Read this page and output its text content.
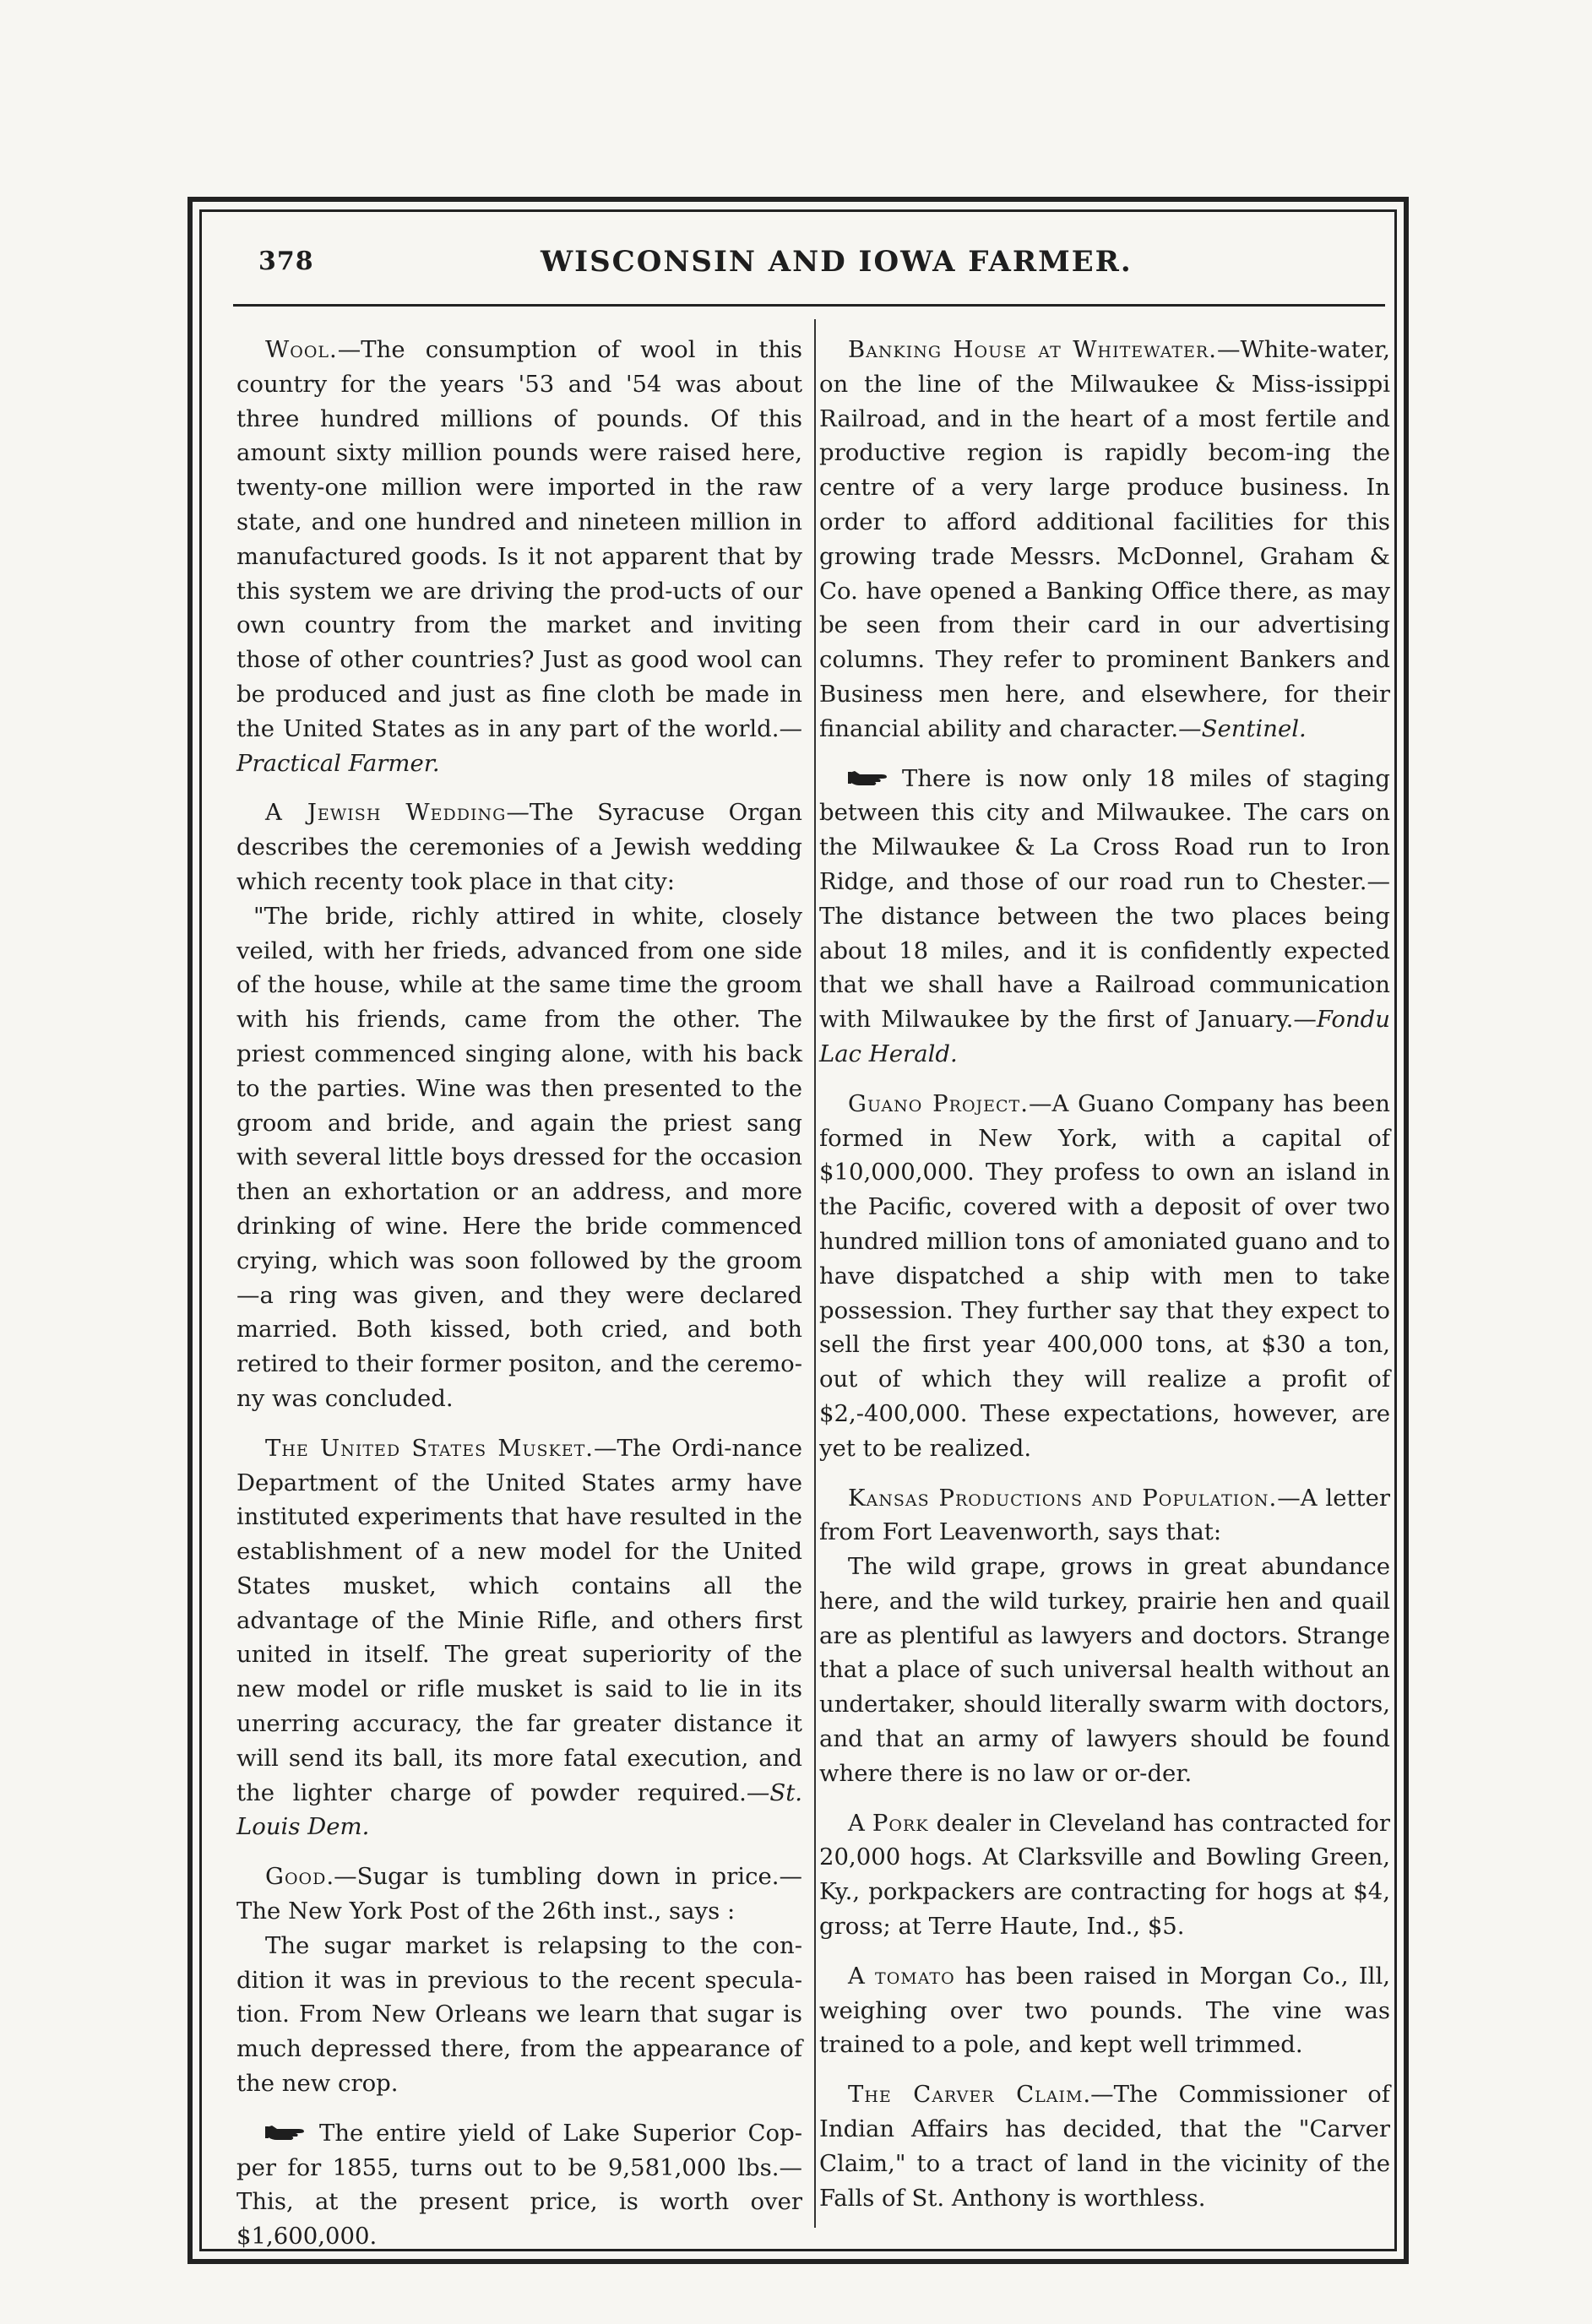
378	WISCONSIN AND IOWA FARMER.

Wool.—The consumption of wool in this country for the years '53 and '54 was about three hundred millions of pounds. Of this amount sixty million pounds were raised here, twenty-one million were imported in the raw state, and one hundred and nineteen million in manufactured goods. Is it not apparent that by this system we are driving the prod-ucts of our own country from the market and inviting those of other countries? Just as good wool can be produced and just as fine cloth be made in the United States as in any part of the world.—Practical Farmer.

A Jewish Wedding—The Syracuse Organ describes the ceremonies of a Jewish wedding which recenty took place in that city:

"The bride, richly attired in white, closely veiled, with her frieds, advanced from one side of the house, while at the same time the groom with his friends, came from the other. The priest commenced singing alone, with his back to the parties. Wine was then presented to the groom and bride, and again the priest sang with several little boys dressed for the occasion then an exhortation or an address, and more drinking of wine. Here the bride commenced crying, which was soon followed by the groom —a ring was given, and they were declared married. Both kissed, both cried, and both retired to their former positon, and the ceremo-ny was concluded.

The United States Musket.—The Ordi-nance Department of the United States army have instituted experiments that have resulted in the establishment of a new model for the United States musket, which contains all the advantage of the Minie Rifle, and others first united in itself. The great superiority of the new model or rifle musket is said to lie in its unerring accuracy, the far greater distance it will send its ball, its more fatal execution, and the lighter charge of powder required.—St. Louis Dem.

Good.—Sugar is tumbling down in price.— The New York Post of the 26th inst., says :

The sugar market is relapsing to the con-dition it was in previous to the recent specula-tion. From New Orleans we learn that sugar is much depressed there, from the appearance of the new crop.

The entire yield of Lake Superior Cop-per for 1855, turns out to be 9,581,000 lbs.— This, at the present price, is worth over $1,600,000.

Banking House at Whitewater.—White-water, on the line of the Milwaukee & Miss-issippi Railroad, and in the heart of a most fertile and productive region is rapidly becom-ing the centre of a very large produce business. In order to afford additional facilities for this growing trade Messrs. McDonnel, Graham & Co. have opened a Banking Office there, as may be seen from their card in our advertising columns. They refer to prominent Bankers and Business men here, and elsewhere, for their financial ability and character.—Sentinel.

There is now only 18 miles of staging between this city and Milwaukee. The cars on the Milwaukee & La Cross Road run to Iron Ridge, and those of our road run to Chester.— The distance between the two places being about 18 miles, and it is confidently expected that we shall have a Railroad communication with Milwaukee by the first of January.—Fondu Lac Herald.

Guano Project.—A Guano Company has been formed in New York, with a capital of $10,000,000. They profess to own an island in the Pacific, covered with a deposit of over two hundred million tons of amoniated guano and to have dispatched a ship with men to take possession. They further say that they expect to sell the first year 400,000 tons, at $30 a ton, out of which they will realize a profit of $2,-400,000. These expectations, however, are yet to be realized.

Kansas Productions and Population.—A letter from Fort Leavenworth, says that:

The wild grape, grows in great abundance here, and the wild turkey, prairie hen and quail are as plentiful as lawyers and doctors. Strange that a place of such universal health without an undertaker, should literally swarm with doctors, and that an army of lawyers should be found where there is no law or or-der.

A Pork dealer in Cleveland has contracted for 20,000 hogs. At Clarksville and Bowling Green, Ky., porkpackers are contracting for hogs at $4, gross; at Terre Haute, Ind., $5.

A tomato has been raised in Morgan Co., Ill, weighing over two pounds. The vine was trained to a pole, and kept well trimmed.

The Carver Claim.—The Commissioner of Indian Affairs has decided, that the "Carver Claim," to a tract of land in the vicinity of the Falls of St. Anthony is worthless.
